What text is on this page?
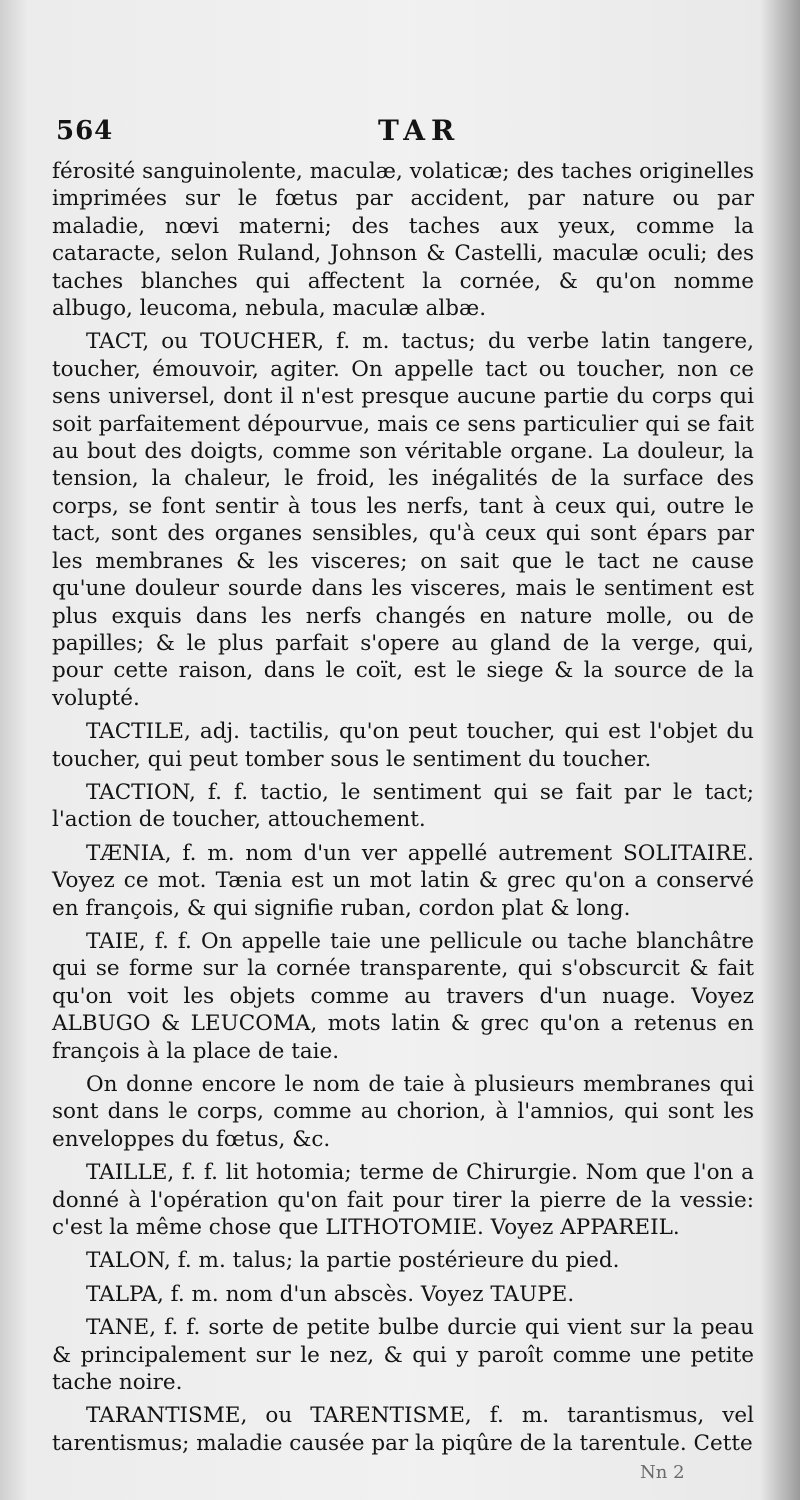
564	TAR

férosité sanguinolente, maculæ, volaticæ; des taches originelles imprimées sur le fœtus par accident, par nature ou par maladie, nœvi materni; des taches aux yeux, comme la cataracte, selon Ruland, Johnson & Castelli, maculæ oculi; des taches blanches qui affectent la cornée, & qu'on nomme albugo, leucoma, nebula, maculæ albæ.

TACT, ou TOUCHER, f. m. tactus; du verbe latin tangere, toucher, émouvoir, agiter. On appelle tact ou toucher, non ce sens universel, dont il n'est presque aucune partie du corps qui soit parfaitement dépourvue, mais ce sens particulier qui se fait au bout des doigts, comme son véritable organe. La douleur, la tension, la chaleur, le froid, les inégalités de la surface des corps, se font sentir à tous les nerfs, tant à ceux qui, outre le tact, sont des organes sensibles, qu'à ceux qui sont épars par les membranes & les visceres; on sait que le tact ne cause qu'une douleur sourde dans les visceres, mais le sentiment est plus exquis dans les nerfs changés en nature molle, ou de papilles; & le plus parfait s'opere au gland de la verge, qui, pour cette raison, dans le coït, est le siege & la source de la volupté.

TACTILE, adj. tactilis, qu'on peut toucher, qui est l'objet du toucher, qui peut tomber sous le sentiment du toucher.

TACTION, f. f. tactio, le sentiment qui se fait par le tact; l'action de toucher, attouchement.

TÆNIA, f. m. nom d'un ver appellé autrement SOLITAIRE. Voyez ce mot. Tænia est un mot latin & grec qu'on a conservé en françois, & qui signifie ruban, cordon plat & long.

TAIE, f. f. On appelle taie une pellicule ou tache blanchâtre qui se forme sur la cornée transparente, qui s'obscurcit & fait qu'on voit les objets comme au travers d'un nuage. Voyez ALBUGO & LEUCOMA, mots latin & grec qu'on a retenus en françois à la place de taie.

On donne encore le nom de taie à plusieurs membranes qui sont dans le corps, comme au chorion, à l'amnios, qui sont les enveloppes du fœtus, &c.

TAILLE, f. f. lit hotomia; terme de Chirurgie. Nom que l'on a donné à l'opération qu'on fait pour tirer la pierre de la vessie: c'est la même chose que LITHOTOMIE. Voyez APPAREIL.

TALON, f. m. talus; la partie postérieure du pied.

TALPA, f. m. nom d'un abscès. Voyez TAUPE.

TANE, f. f. sorte de petite bulbe durcie qui vient sur la peau & principalement sur le nez, & qui y paroît comme une petite tache noire.

TARANTISME, ou TARENTISME, f. m. tarantismus, vel tarentismus; maladie causée par la piqûre de la tarentule. Cette

Nn 2
